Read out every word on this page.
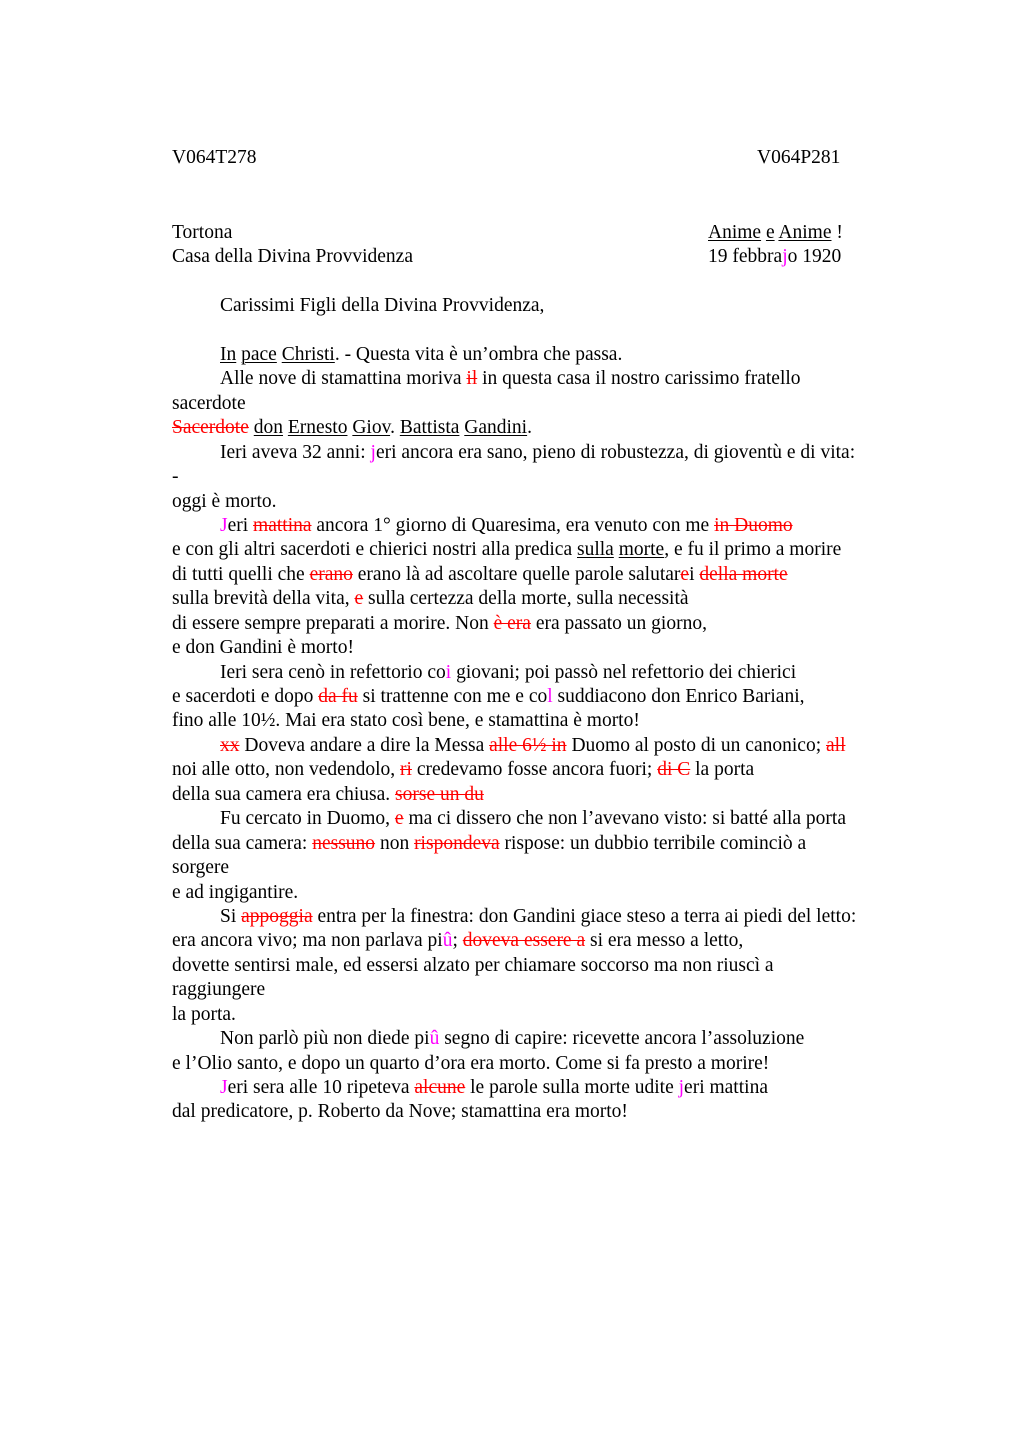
V064T278	V064P281
Tortona	Anime e Anime !
Casa della Divina Provvidenza	19 febbrajo 1920
Carissimi Figli della Divina Provvidenza,
In pace Christi. - Questa vita è un’ombra che passa.
Alle nove di stamattina moriva il in questa casa il nostro carissimo fratello
sacerdote
Sacerdote don Ernesto Giov. Battista Gandini.
Ieri aveva 32 anni: jeri ancora era sano, pieno di robustezza, di gioventù e di vita:
-
oggi è morto.
Jeri mattina ancora 1° giorno di Quaresima, era venuto con me in Duomo
e con gli altri sacerdoti e chierici nostri alla predica sulla morte, e fu il primo a morire
di tutti quelli che erano erano là ad ascoltare quelle parole salutarei della morte
sulla brevità della vita, e sulla certezza della morte, sulla necessità
di essere sempre preparati a morire. Non è era era passato un giorno,
e don Gandini è morto!
Ieri sera cenò in refettorio coi giovani; poi passò nel refettorio dei chierici
e sacerdoti e dopo da fu si trattenne con me e col suddiacono don Enrico Bariani,
fino alle 10½. Mai era stato così bene, e stamattina è morto!
xx Doveva andare a dire la Messa alle 6½ in Duomo al posto di un canonico; all
noi alle otto, non vedendolo, ri credevamo fosse ancora fuori; di C la porta
della sua camera era chiusa. sorse un du
Fu cercato in Duomo, e ma ci dissero che non l’avevano visto: si batté alla porta
della sua camera: nessuno non rispondeva rispose: un dubbio terribile cominciò a
sorgere
e ad ingigantire.
Si appoggia entra per la finestra: don Gandini giace steso a terra ai piedi del letto:
era ancora vivo; ma non parlava piû; doveva essere a si era messo a letto,
dovette sentirsi male, ed essersi alzato per chiamare soccorso ma non riuscì a
raggiungere
la porta.
Non parlò più non diede piû segno di capire: ricevette ancora l’assoluzione
e l’Olio santo, e dopo un quarto d’ora era morto. Come si fa presto a morire!
Jeri sera alle 10 ripeteva alcune le parole sulla morte udite jeri mattina
dal predicatore, p. Roberto da Nove; stamattina era morto!
